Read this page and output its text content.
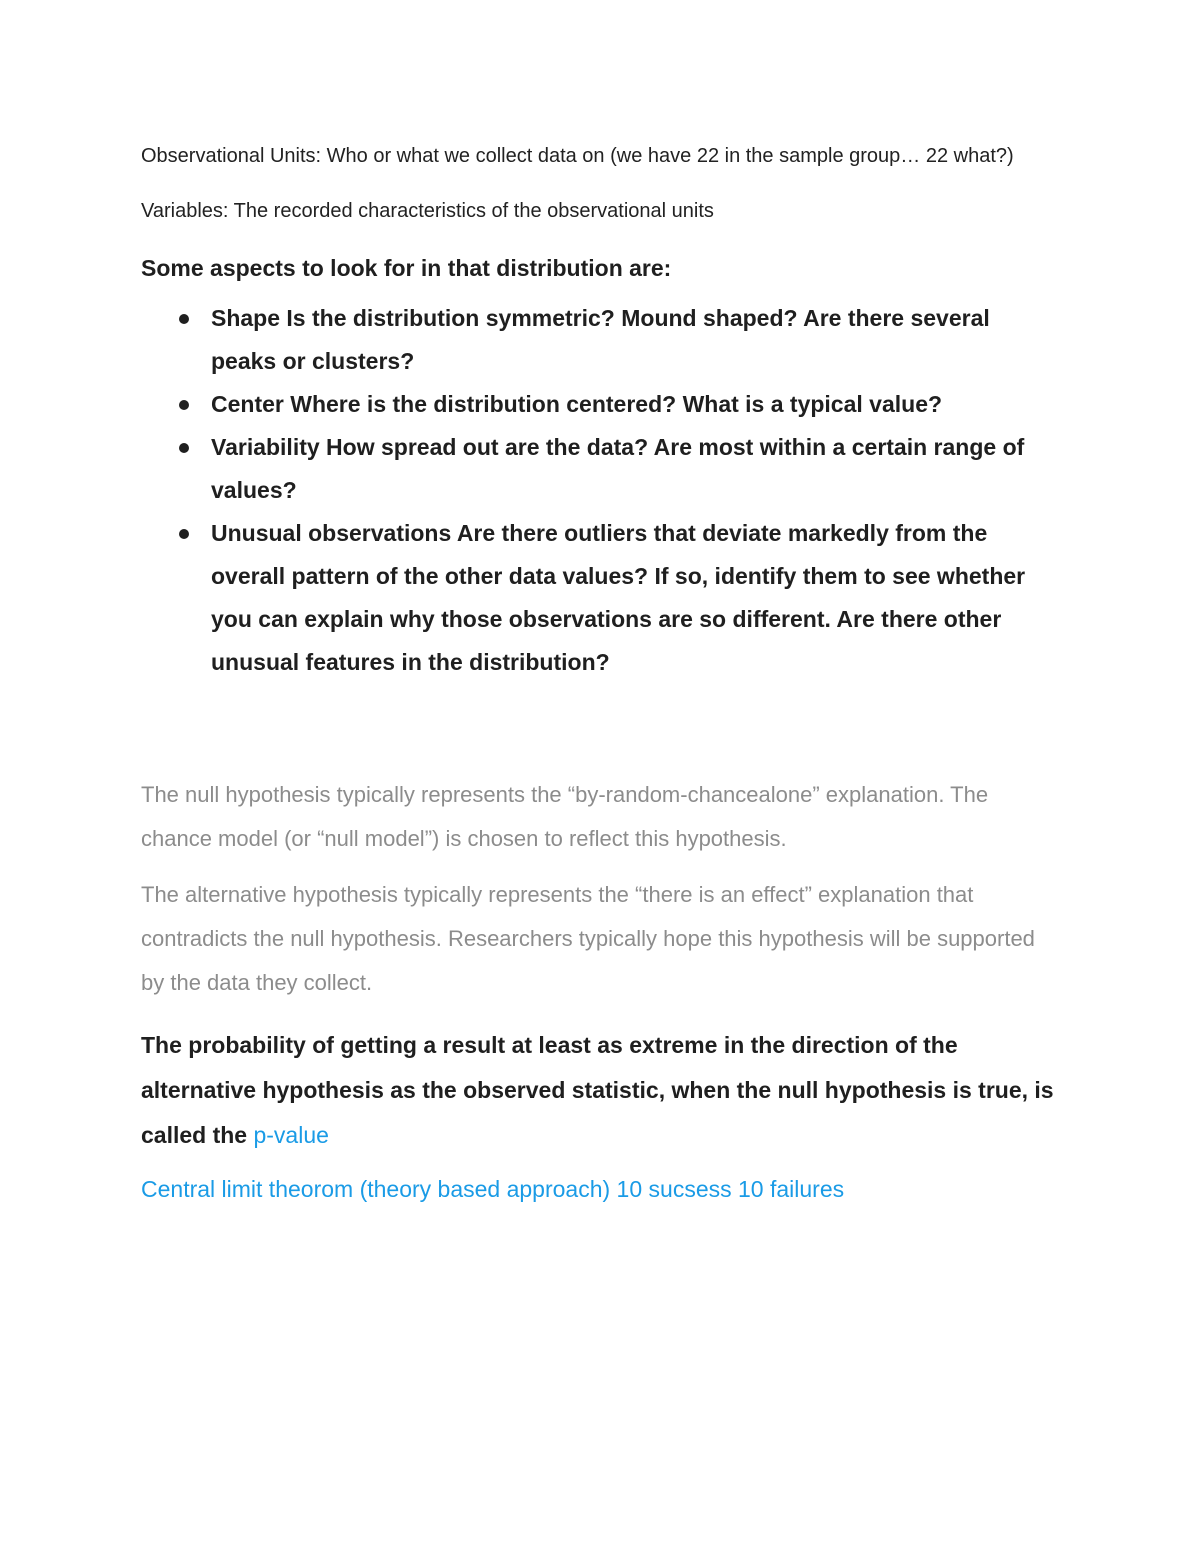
Observational Units: Who or what we collect data on (we have 22 in the sample group… 22 what?)

Variables: The recorded characteristics of the observational units

Some aspects to look for in that distribution are:

Shape Is the distribution symmetric? Mound shaped? Are there several peaks or clusters?
Center Where is the distribution centered? What is a typical value?
Variability How spread out are the data? Are most within a certain range of values?
Unusual observations Are there outliers that deviate markedly from the overall pattern of the other data values? If so, identify them to see whether you can explain why those observations are so different. Are there other unusual features in the distribution?

The null hypothesis typically represents the “by-random-chancealone” explanation. The chance model (or “null model”) is chosen to reflect this hypothesis.

The alternative hypothesis typically represents the “there is an effect” explanation that contradicts the null hypothesis. Researchers typically hope this hypothesis will be supported by the data they collect.

The probability of getting a result at least as extreme in the direction of the alternative hypothesis as the observed statistic, when the null hypothesis is true, is called the p-value

Central limit theorom (theory based approach) 10 sucsess 10 failures
